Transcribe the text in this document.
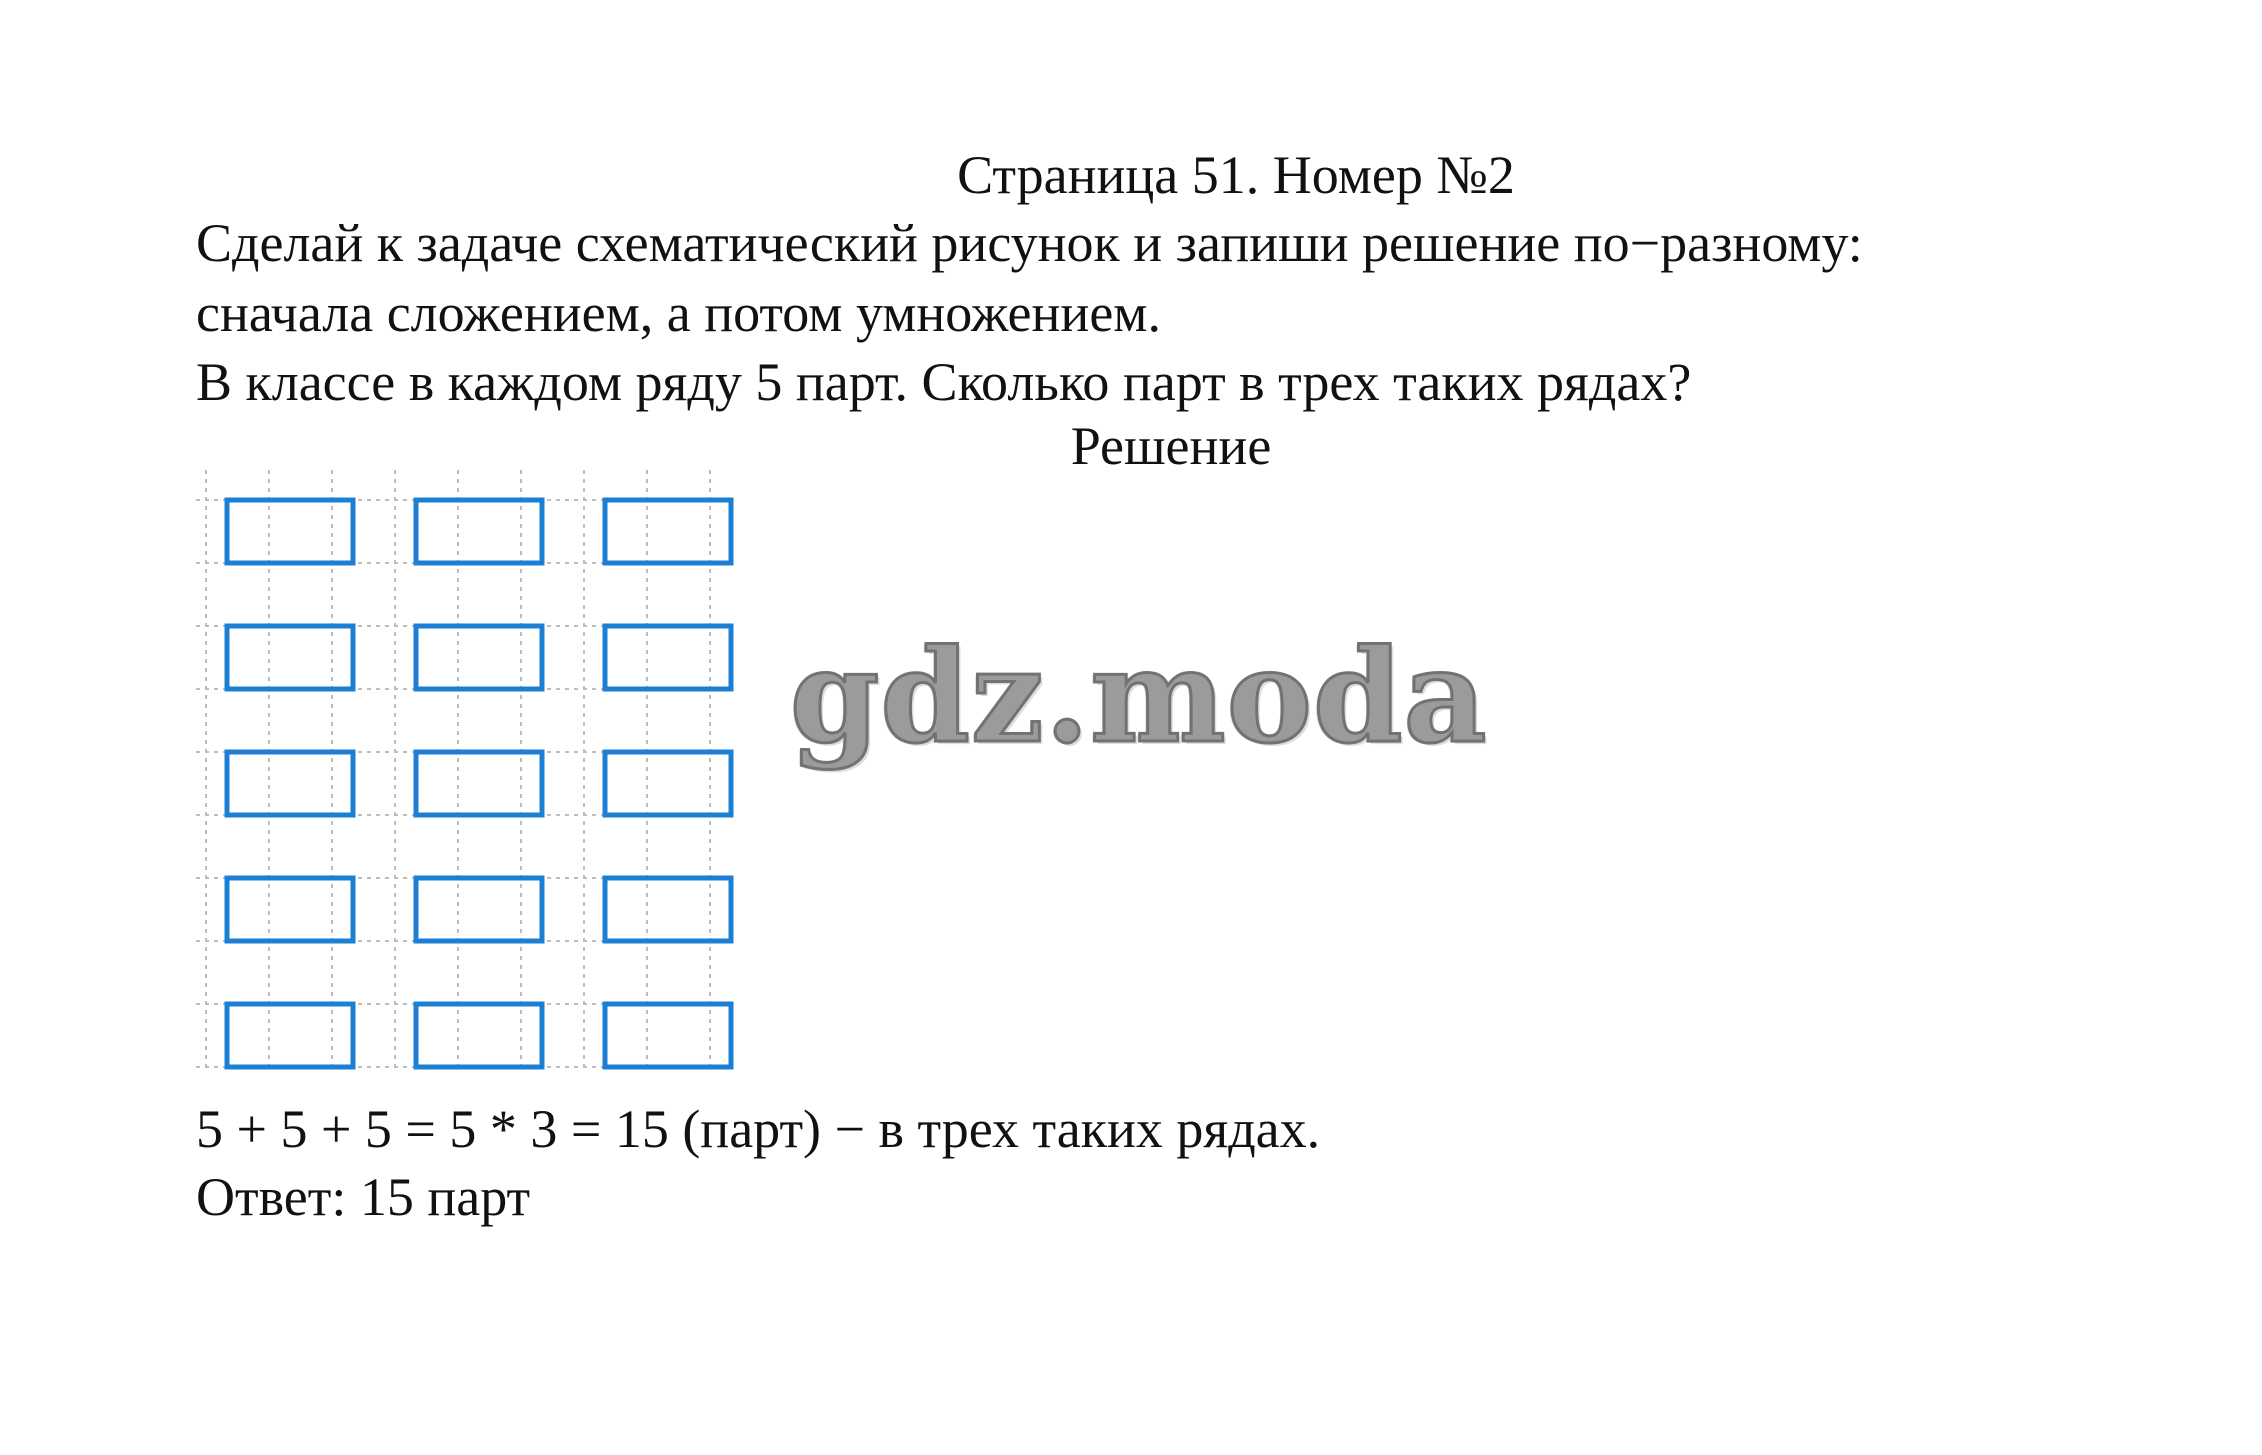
Страница 51. Номер №2
Сделай к задаче схематический рисунок и запиши решение по−разному:
сначала сложением, а потом умножением.
В классе в каждом ряду 5 парт. Сколько парт в трех таких рядах?
Решение
gdz.moda
5 + 5 + 5 = 5 * 3 = 15 (парт) − в трех таких рядах.
Ответ: 15 парт
